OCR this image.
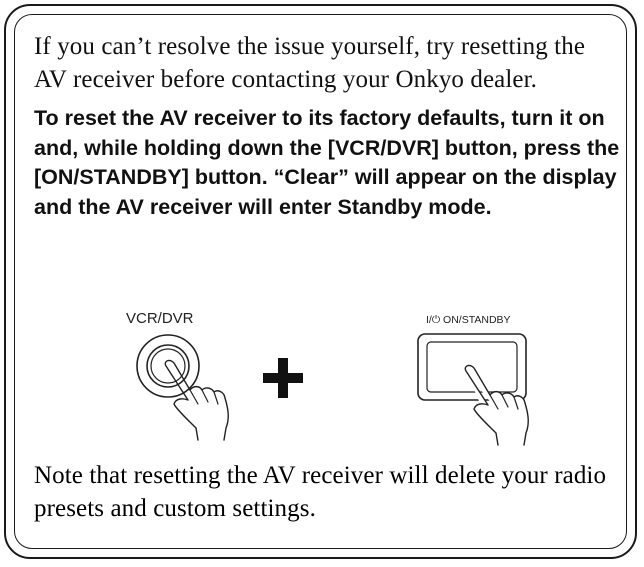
If you can’t resolve the issue yourself, try resetting the AV receiver before contacting your Onkyo dealer.

To reset the AV receiver to its factory defaults, turn it on and, while holding down the [VCR/DVR] button, press the [ON/STANDBY] button. “Clear” will appear on the display and the AV receiver will enter Standby mode.

VCR/DVR	I/⏻ ON/STANDBY

Note that resetting the AV receiver will delete your radio presets and custom settings.
